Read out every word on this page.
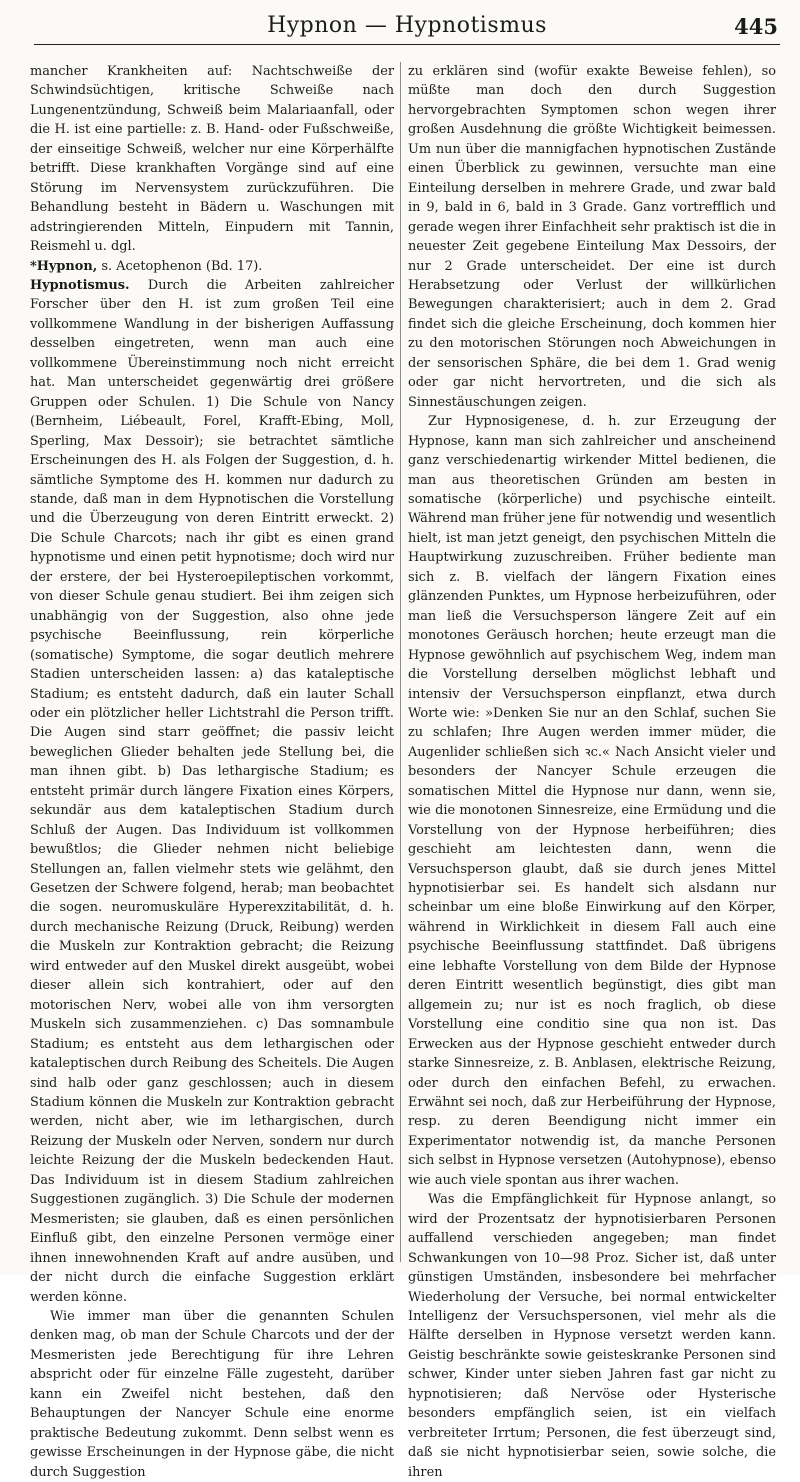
Hypnon — Hypnotismus	445

mancher Krankheiten auf: Nachtschweiße der Schwindsüchtigen, kritische Schweiße nach Lungenentzündung, Schweiß beim Malariaanfall, oder die H. ist eine partielle: z. B. Hand- oder Fußschweiße, der einseitige Schweiß, welcher nur eine Körperhälfte betrifft. Diese krankhaften Vorgänge sind auf eine Störung im Nervensystem zurückzuführen. Die Behandlung besteht in Bädern u. Waschungen mit adstringierenden Mitteln, Einpudern mit Tannin, Reismehl u. dgl.

*Hypnon, s. Acetophenon (Bd. 17).

Hypnotismus. Durch die Arbeiten zahlreicher Forscher über den H. ist zum großen Teil eine vollkommene Wandlung in der bisherigen Auffassung desselben eingetreten, wenn man auch eine vollkommene Übereinstimmung noch nicht erreicht hat. Man unterscheidet gegenwärtig drei größere Gruppen oder Schulen. 1) Die Schule von Nancy (Bernheim, Liébeault, Forel, Krafft-Ebing, Moll, Sperling, Max Dessoir); sie betrachtet sämtliche Erscheinungen des H. als Folgen der Suggestion, d. h. sämtliche Symptome des H. kommen nur dadurch zu stande, daß man in dem Hypnotischen die Vorstellung und die Überzeugung von deren Eintritt erweckt. 2) Die Schule Charcots; nach ihr gibt es einen grand hypnotisme und einen petit hypnotisme; doch wird nur der erstere, der bei Hysteroepileptischen vorkommt, von dieser Schule genau studiert. Bei ihm zeigen sich unabhängig von der Suggestion, also ohne jede psychische Beeinflussung, rein körperliche (somatische) Symptome, die sogar deutlich mehrere Stadien unterscheiden lassen: a) das kataleptische Stadium; es entsteht dadurch, daß ein lauter Schall oder ein plötzlicher heller Lichtstrahl die Person trifft. Die Augen sind starr geöffnet; die passiv leicht beweglichen Glieder behalten jede Stellung bei, die man ihnen gibt. b) Das lethargische Stadium; es entsteht primär durch längere Fixation eines Körpers, sekundär aus dem kataleptischen Stadium durch Schluß der Augen. Das Individuum ist vollkommen bewußtlos; die Glieder nehmen nicht beliebige Stellungen an, fallen vielmehr stets wie gelähmt, den Gesetzen der Schwere folgend, herab; man beobachtet die sogen. neuromuskuläre Hyperexzitabilität, d. h. durch mechanische Reizung (Druck, Reibung) werden die Muskeln zur Kontraktion gebracht; die Reizung wird entweder auf den Muskel direkt ausgeübt, wobei dieser allein sich kontrahiert, oder auf den motorischen Nerv, wobei alle von ihm versorgten Muskeln sich zusammenziehen. c) Das somnambule Stadium; es entsteht aus dem lethargischen oder kataleptischen durch Reibung des Scheitels. Die Augen sind halb oder ganz geschlossen; auch in diesem Stadium können die Muskeln zur Kontraktion gebracht werden, nicht aber, wie im lethargischen, durch Reizung der Muskeln oder Nerven, sondern nur durch leichte Reizung der die Muskeln bedeckenden Haut. Das Individuum ist in diesem Stadium zahlreichen Suggestionen zugänglich. 3) Die Schule der modernen Mesmeristen; sie glauben, daß es einen persönlichen Einfluß gibt, den einzelne Personen vermöge einer ihnen innewohnenden Kraft auf andre ausüben, und der nicht durch die einfache Suggestion erklärt werden könne.

Wie immer man über die genannten Schulen denken mag, ob man der Schule Charcots und der der Mesmeristen jede Berechtigung für ihre Lehren abspricht oder für einzelne Fälle zugesteht, darüber kann ein Zweifel nicht bestehen, daß den Behauptungen der Nancyer Schule eine enorme praktische Bedeutung zukommt. Denn selbst wenn es gewisse Erscheinungen in der Hypnose gäbe, die nicht durch Suggestion

zu erklären sind (wofür exakte Beweise fehlen), so müßte man doch den durch Suggestion hervorgebrachten Symptomen schon wegen ihrer großen Ausdehnung die größte Wichtigkeit beimessen. Um nun über die mannigfachen hypnotischen Zustände einen Überblick zu gewinnen, versuchte man eine Einteilung derselben in mehrere Grade, und zwar bald in 9, bald in 6, bald in 3 Grade. Ganz vortrefflich und gerade wegen ihrer Einfachheit sehr praktisch ist die in neuester Zeit gegebene Einteilung Max Dessoirs, der nur 2 Grade unterscheidet. Der eine ist durch Herabsetzung oder Verlust der willkürlichen Bewegungen charakterisiert; auch in dem 2. Grad findet sich die gleiche Erscheinung, doch kommen hier zu den motorischen Störungen noch Abweichungen in der sensorischen Sphäre, die bei dem 1. Grad wenig oder gar nicht hervortreten, und die sich als Sinnestäuschungen zeigen.

Zur Hypnosigenese, d. h. zur Erzeugung der Hypnose, kann man sich zahlreicher und anscheinend ganz verschiedenartig wirkender Mittel bedienen, die man aus theoretischen Gründen am besten in somatische (körperliche) und psychische einteilt. Während man früher jene für notwendig und wesentlich hielt, ist man jetzt geneigt, den psychischen Mitteln die Hauptwirkung zuzuschreiben. Früher bediente man sich z. B. vielfach der längern Fixation eines glänzenden Punktes, um Hypnose herbeizuführen, oder man ließ die Versuchsperson längere Zeit auf ein monotones Geräusch horchen; heute erzeugt man die Hypnose gewöhnlich auf psychischem Weg, indem man die Vorstellung derselben möglichst lebhaft und intensiv der Versuchsperson einpflanzt, etwa durch Worte wie: »Denken Sie nur an den Schlaf, suchen Sie zu schlafen; Ihre Augen werden immer müder, die Augenlider schließen sich ꝛc.« Nach Ansicht vieler und besonders der Nancyer Schule erzeugen die somatischen Mittel die Hypnose nur dann, wenn sie, wie die monotonen Sinnesreize, eine Ermüdung und die Vorstellung von der Hypnose herbeiführen; dies geschieht am leichtesten dann, wenn die Versuchsperson glaubt, daß sie durch jenes Mittel hypnotisierbar sei. Es handelt sich alsdann nur scheinbar um eine bloße Einwirkung auf den Körper, während in Wirklichkeit in diesem Fall auch eine psychische Beeinflussung stattfindet. Daß übrigens eine lebhafte Vorstellung von dem Bilde der Hypnose deren Eintritt wesentlich begünstigt, dies gibt man allgemein zu; nur ist es noch fraglich, ob diese Vorstellung eine conditio sine qua non ist. Das Erwecken aus der Hypnose geschieht entweder durch starke Sinnesreize, z. B. Anblasen, elektrische Reizung, oder durch den einfachen Befehl, zu erwachen. Erwähnt sei noch, daß zur Herbeiführung der Hypnose, resp. zu deren Beendigung nicht immer ein Experimentator notwendig ist, da manche Personen sich selbst in Hypnose versetzen (Autohypnose), ebenso wie auch viele spontan aus ihrer wachen.

Was die Empfänglichkeit für Hypnose anlangt, so wird der Prozentsatz der hypnotisierbaren Personen auffallend verschieden angegeben; man findet Schwankungen von 10—98 Proz. Sicher ist, daß unter günstigen Umständen, insbesondere bei mehrfacher Wiederholung der Versuche, bei normal entwickelter Intelligenz der Versuchspersonen, viel mehr als die Hälfte derselben in Hypnose versetzt werden kann. Geistig beschränkte sowie geisteskranke Personen sind schwer, Kinder unter sieben Jahren fast gar nicht zu hypnotisieren; daß Nervöse oder Hysterische besonders empfänglich seien, ist ein vielfach verbreiteter Irrtum; Personen, die fest überzeugt sind, daß sie nicht hypnotisierbar seien, sowie solche, die ihren
